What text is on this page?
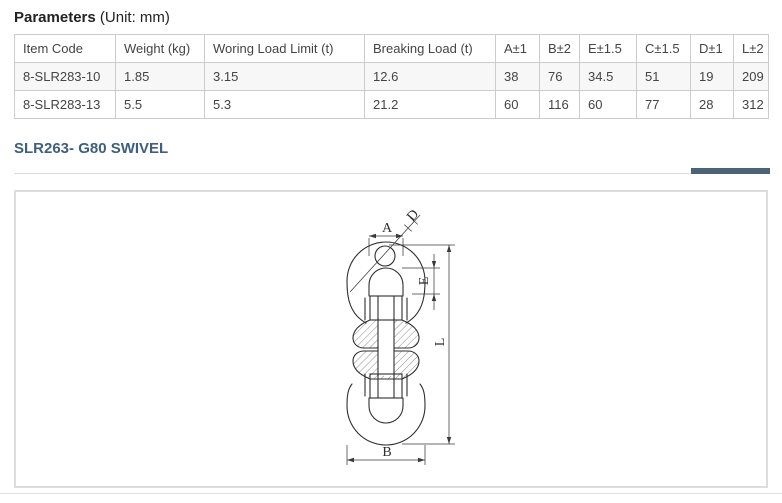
Parameters (Unit: mm)
Item Code	Weight (kg)	Woring Load Limit (t)	Breaking Load (t)	A±1	B±2	E±1.5	C±1.5	D±1	L±2
8-SLR283-10	1.85	3.15	12.6	38	76	34.5	51	19	209
8-SLR283-13	5.5	5.3	21.2	60	116	60	77	28	312
SLR263- G80 SWIVEL
D
A
E
L
B
